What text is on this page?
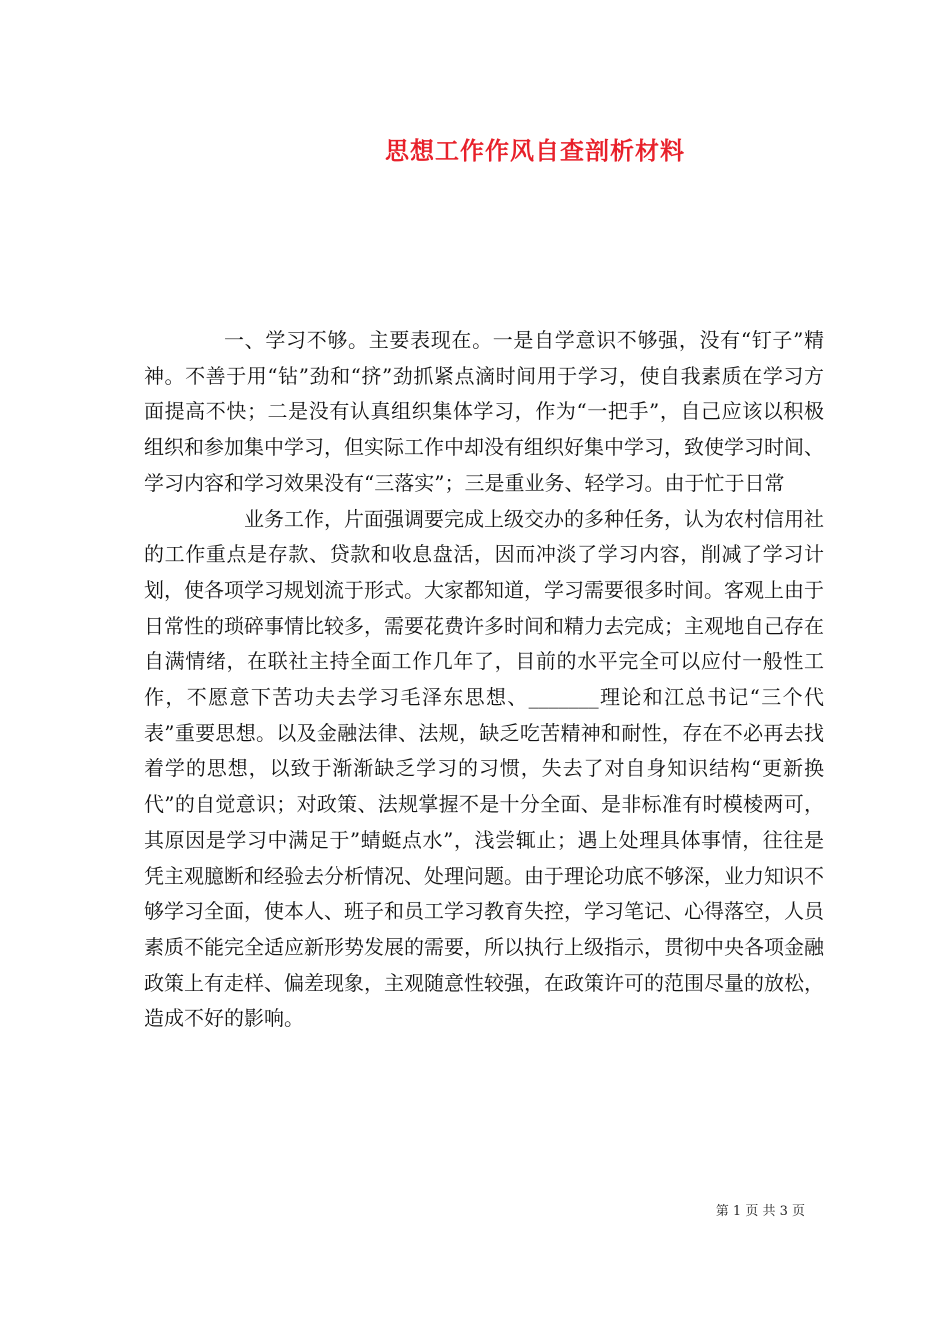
思想工作作风自查剖析材料

一、学习不够。主要表现在。一是自学意识不够强，没有“钉子”精神。不善于用“钻”劲和“挤”劲抓紧点滴时间用于学习，使自我素质在学习方面提高不快；二是没有认真组织集体学习，作为“一把手”，自己应该以积极组织和参加集中学习，但实际工作中却没有组织好集中学习，致使学习时间、学习内容和学习效果没有“三落实”；三是重业务、轻学习。由于忙于日常

业务工作，片面强调要完成上级交办的多种任务，认为农村信用社的工作重点是存款、贷款和收息盘活，因而冲淡了学习内容，削减了学习计划，使各项学习规划流于形式。大家都知道，学习需要很多时间。客观上由于日常性的琐碎事情比较多，需要花费许多时间和精力去完成；主观地自己存在自满情绪，在联社主持全面工作几年了，目前的水平完全可以应付一般性工作，不愿意下苦功夫去学习毛泽东思想、_______理论和江总书记“三个代表”重要思想。以及金融法律、法规，缺乏吃苦精神和耐性，存在不必再去找着学的思想，以致于渐渐缺乏学习的习惯，失去了对自身知识结构“更新换代”的自觉意识；对政策、法规掌握不是十分全面、是非标准有时模棱两可，其原因是学习中满足于”蜻蜓点水”，浅尝辄止；遇上处理具体事情，往往是凭主观臆断和经验去分析情况、处理问题。由于理论功底不够深，业力知识不够学习全面，使本人、班子和员工学习教育失控，学习笔记、心得落空，人员素质不能完全适应新形势发展的需要，所以执行上级指示，贯彻中央各项金融政策上有走样、偏差现象，主观随意性较强，在政策许可的范围尽量的放松，造成不好的影响。

第 1 页 共 3 页
